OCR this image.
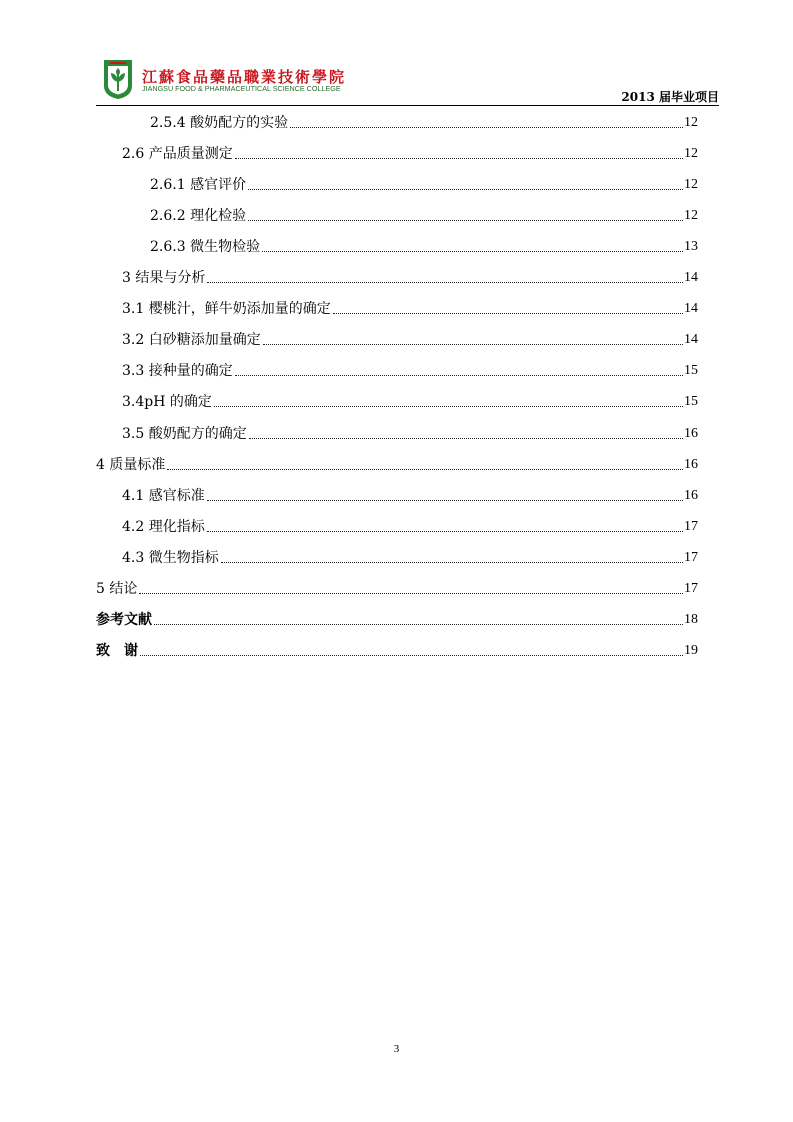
江蘇食品藥品職業技術學院
JIANGSU FOOD & PHARMACEUTICAL SCIENCE COLLEGE
2013 届毕业项目
2.5.4 酸奶配方的实验	12
2.6 产品质量测定	12
2.6.1 感官评价	12
2.6.2 理化检验	12
2.6.3 微生物检验	13
3 结果与分析	14
3.1 樱桃汁，鲜牛奶添加量的确定	14
3.2 白砂糖添加量确定	14
3.3 接种量的确定	15
3.4pH 的确定	15
3.5 酸奶配方的确定	16
4 质量标准	16
4.1 感官标准	16
4.2 理化指标	17
4.3 微生物指标	17
5 结论	17
参考文献	18
致　谢	19
3
